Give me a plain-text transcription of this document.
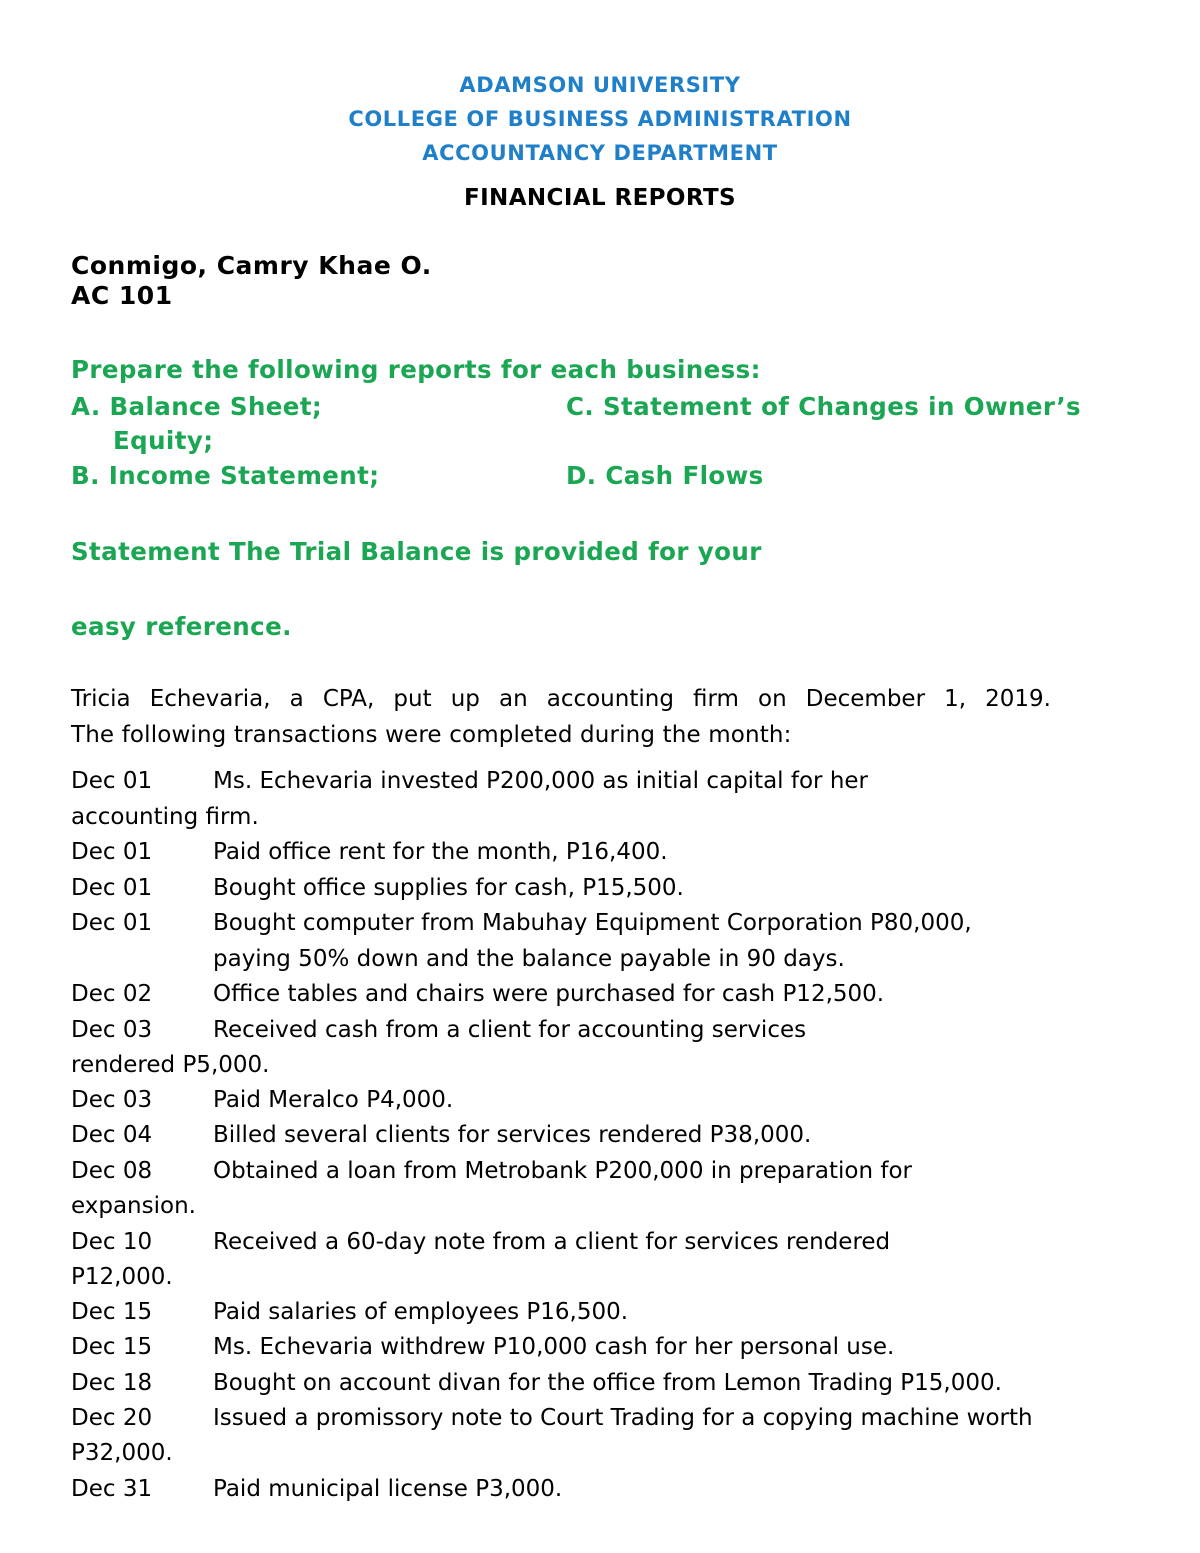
ADAMSON UNIVERSITY
COLLEGE OF BUSINESS ADMINISTRATION
ACCOUNTANCY DEPARTMENT
FINANCIAL REPORTS
Conmigo, Camry Khae O.
AC 101
Prepare the following reports for each business:
A. Balance Sheet;	C. Statement of Changes in Owner’s
Equity;
B. Income Statement;	D. Cash Flows
Statement The Trial Balance is provided for your
easy reference.
Tricia Echevaria, a CPA, put up an accounting firm on December 1, 2019.
The following transactions were completed during the month:
Dec 01	Ms. Echevaria invested P200,000 as initial capital for her
accounting firm.
Dec 01	Paid office rent for the month, P16,400.
Dec 01	Bought office supplies for cash, P15,500.
Dec 01	Bought computer from Mabuhay Equipment Corporation P80,000,
paying 50% down and the balance payable in 90 days.
Dec 02	Office tables and chairs were purchased for cash P12,500.
Dec 03	Received cash from a client for accounting services
rendered P5,000.
Dec 03	Paid Meralco P4,000.
Dec 04	Billed several clients for services rendered P38,000.
Dec 08	Obtained a loan from Metrobank P200,000 in preparation for
expansion.
Dec 10	Received a 60-day note from a client for services rendered
P12,000.
Dec 15	Paid salaries of employees P16,500.
Dec 15	Ms. Echevaria withdrew P10,000 cash for her personal use.
Dec 18	Bought on account divan for the office from Lemon Trading P15,000.
Dec 20	Issued a promissory note to Court Trading for a copying machine worth
P32,000.
Dec 31	Paid municipal license P3,000.
